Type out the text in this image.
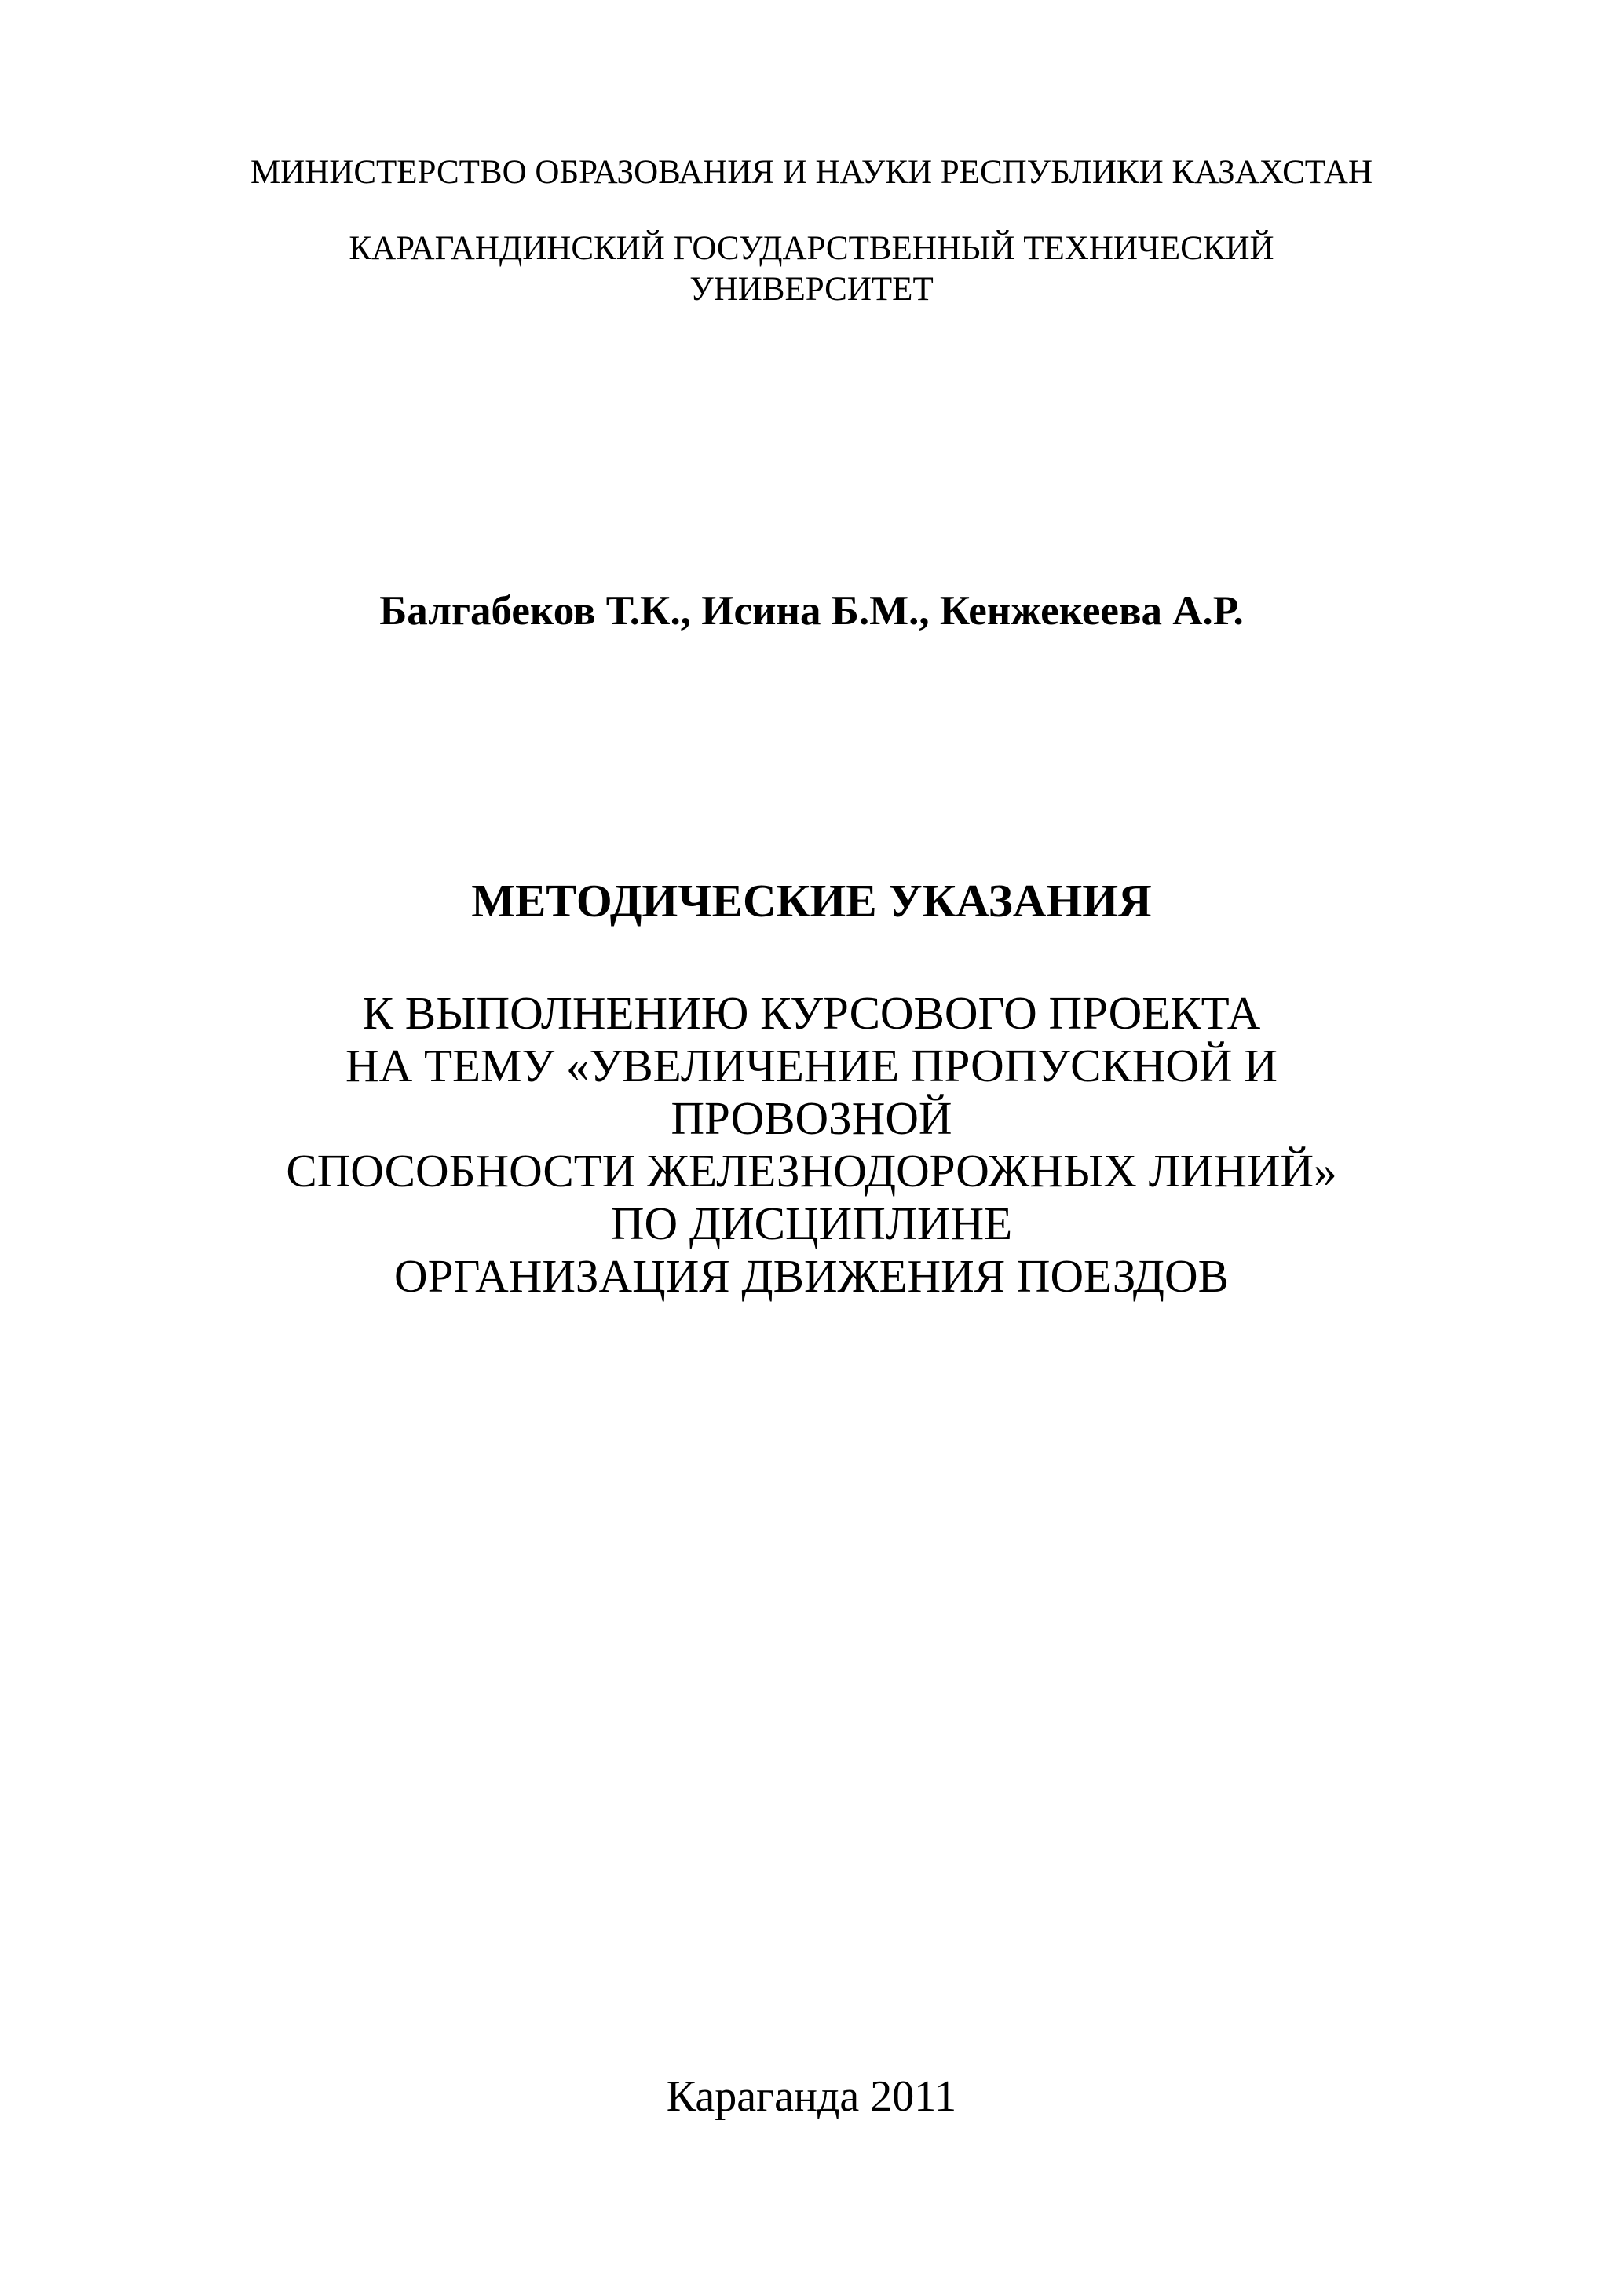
МИНИСТЕРСТВО ОБРАЗОВАНИЯ И НАУКИ РЕСПУБЛИКИ КАЗАХСТАН

КАРАГАНДИНСКИЙ ГОСУДАРСТВЕННЫЙ ТЕХНИЧЕСКИЙ
УНИВЕРСИТЕТ

Балгабеков Т.К., Исина Б.М., Кенжекеева А.Р.

МЕТОДИЧЕСКИЕ УКАЗАНИЯ

К ВЫПОЛНЕНИЮ КУРСОВОГО ПРОЕКТА
НА ТЕМУ «УВЕЛИЧЕНИЕ ПРОПУСКНОЙ И
ПРОВОЗНОЙ
СПОСОБНОСТИ ЖЕЛЕЗНОДОРОЖНЫХ ЛИНИЙ»
ПО ДИСЦИПЛИНЕ
ОРГАНИЗАЦИЯ ДВИЖЕНИЯ ПОЕЗДОВ

Караганда 2011
